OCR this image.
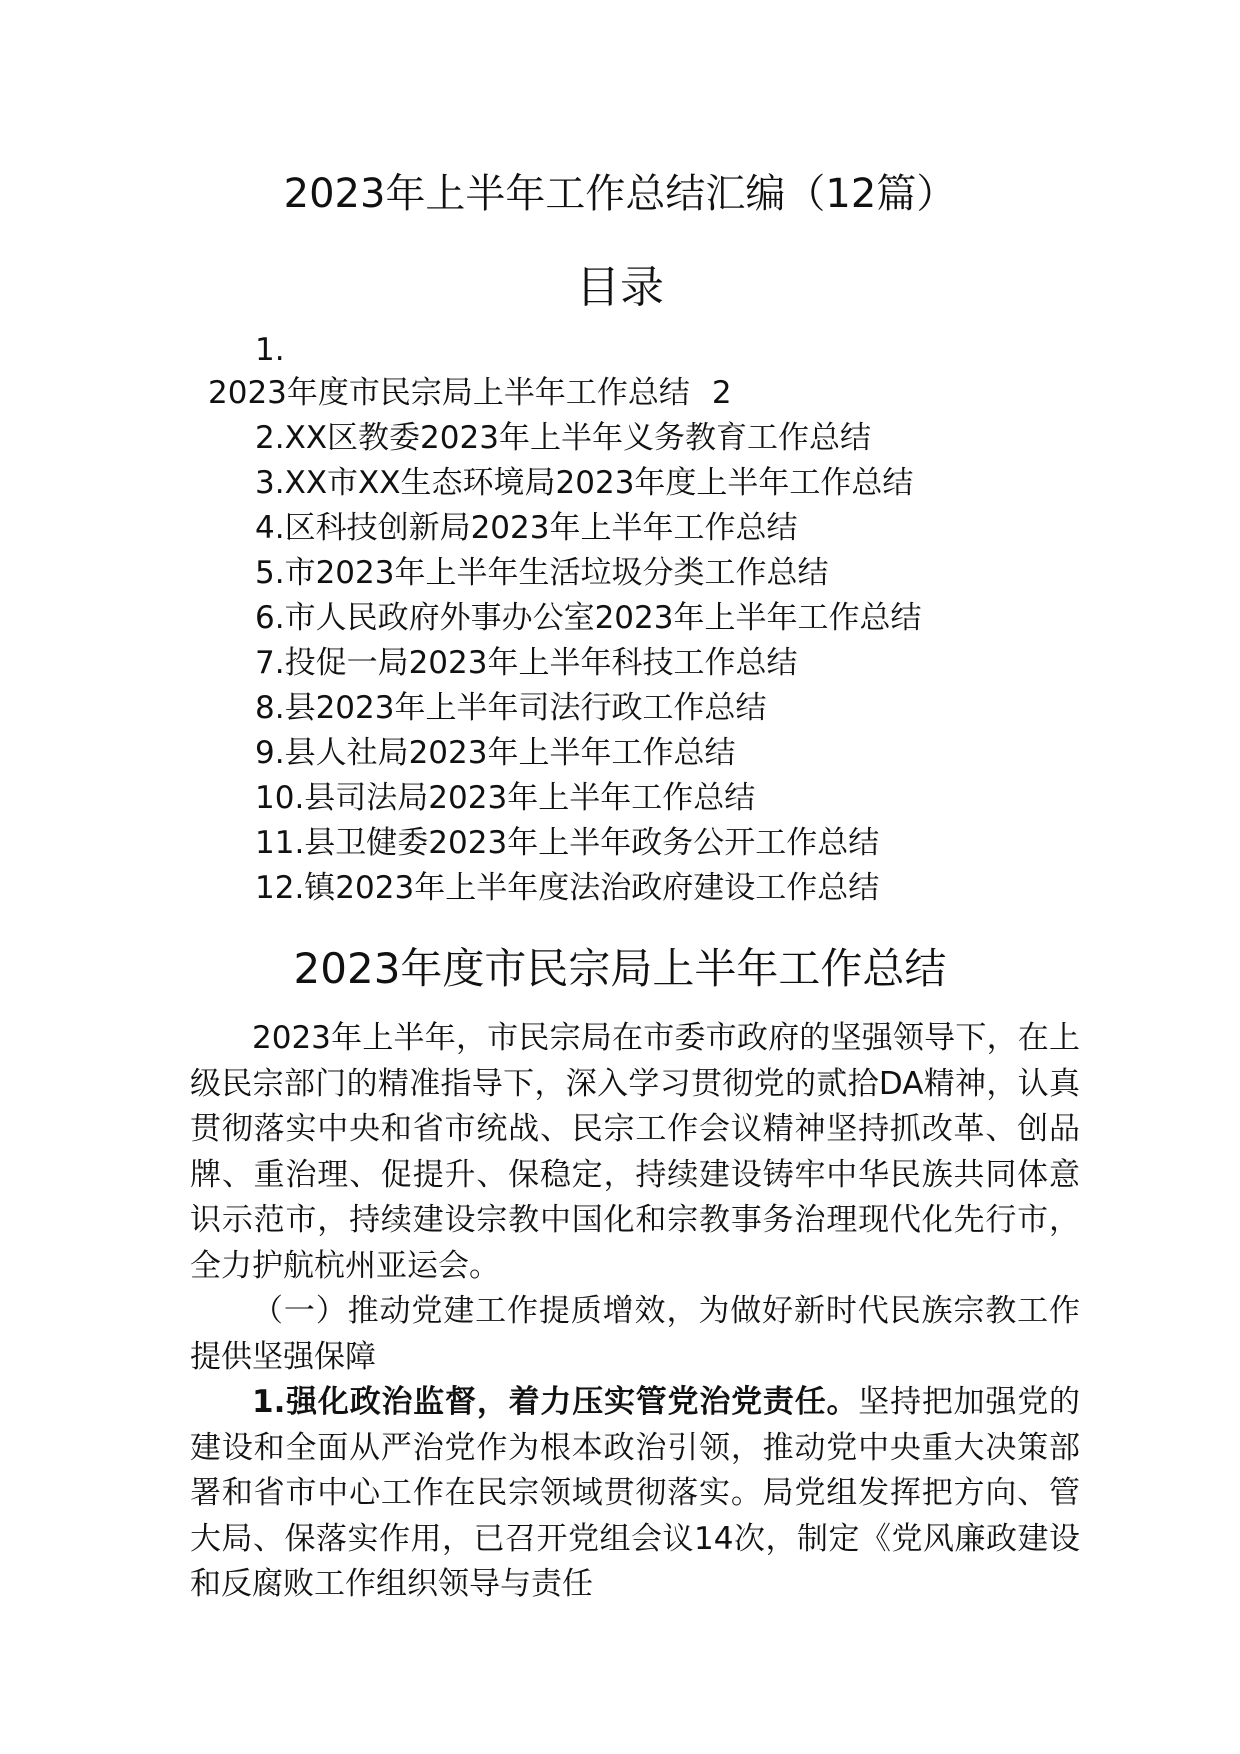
2023年上半年工作总结汇编（12篇）
目录
1.
2023年度市民宗局上半年工作总结 2
2.XX区教委2023年上半年义务教育工作总结
3.XX市XX生态环境局2023年度上半年工作总结
4.区科技创新局2023年上半年工作总结
5.市2023年上半年生活垃圾分类工作总结
6.市人民政府外事办公室2023年上半年工作总结
7.投促一局2023年上半年科技工作总结
8.县2023年上半年司法行政工作总结
9.县人社局2023年上半年工作总结
10.县司法局2023年上半年工作总结
11.县卫健委2023年上半年政务公开工作总结
12.镇2023年上半年度法治政府建设工作总结
2023年度市民宗局上半年工作总结

2023年上半年，市民宗局在市委市政府的坚强领导下，在上级民宗部门的精准指导下，深入学习贯彻党的贰拾DA精神，认真贯彻落实中央和省市统战、民宗工作会议精神坚持抓改革、创品牌、重治理、促提升、保稳定，持续建设铸牢中华民族共同体意识示范市，持续建设宗教中国化和宗教事务治理现代化先行市，全力护航杭州亚运会。

（一）推动党建工作提质增效，为做好新时代民族宗教工作提供坚强保障

1.强化政治监督，着力压实管党治党责任。坚持把加强党的建设和全面从严治党作为根本政治引领，推动党中央重大决策部署和省市中心工作在民宗领域贯彻落实。局党组发挥把方向、管大局、保落实作用，已召开党组会议14次，制定《党风廉政建设和反腐败工作组织领导与责任
